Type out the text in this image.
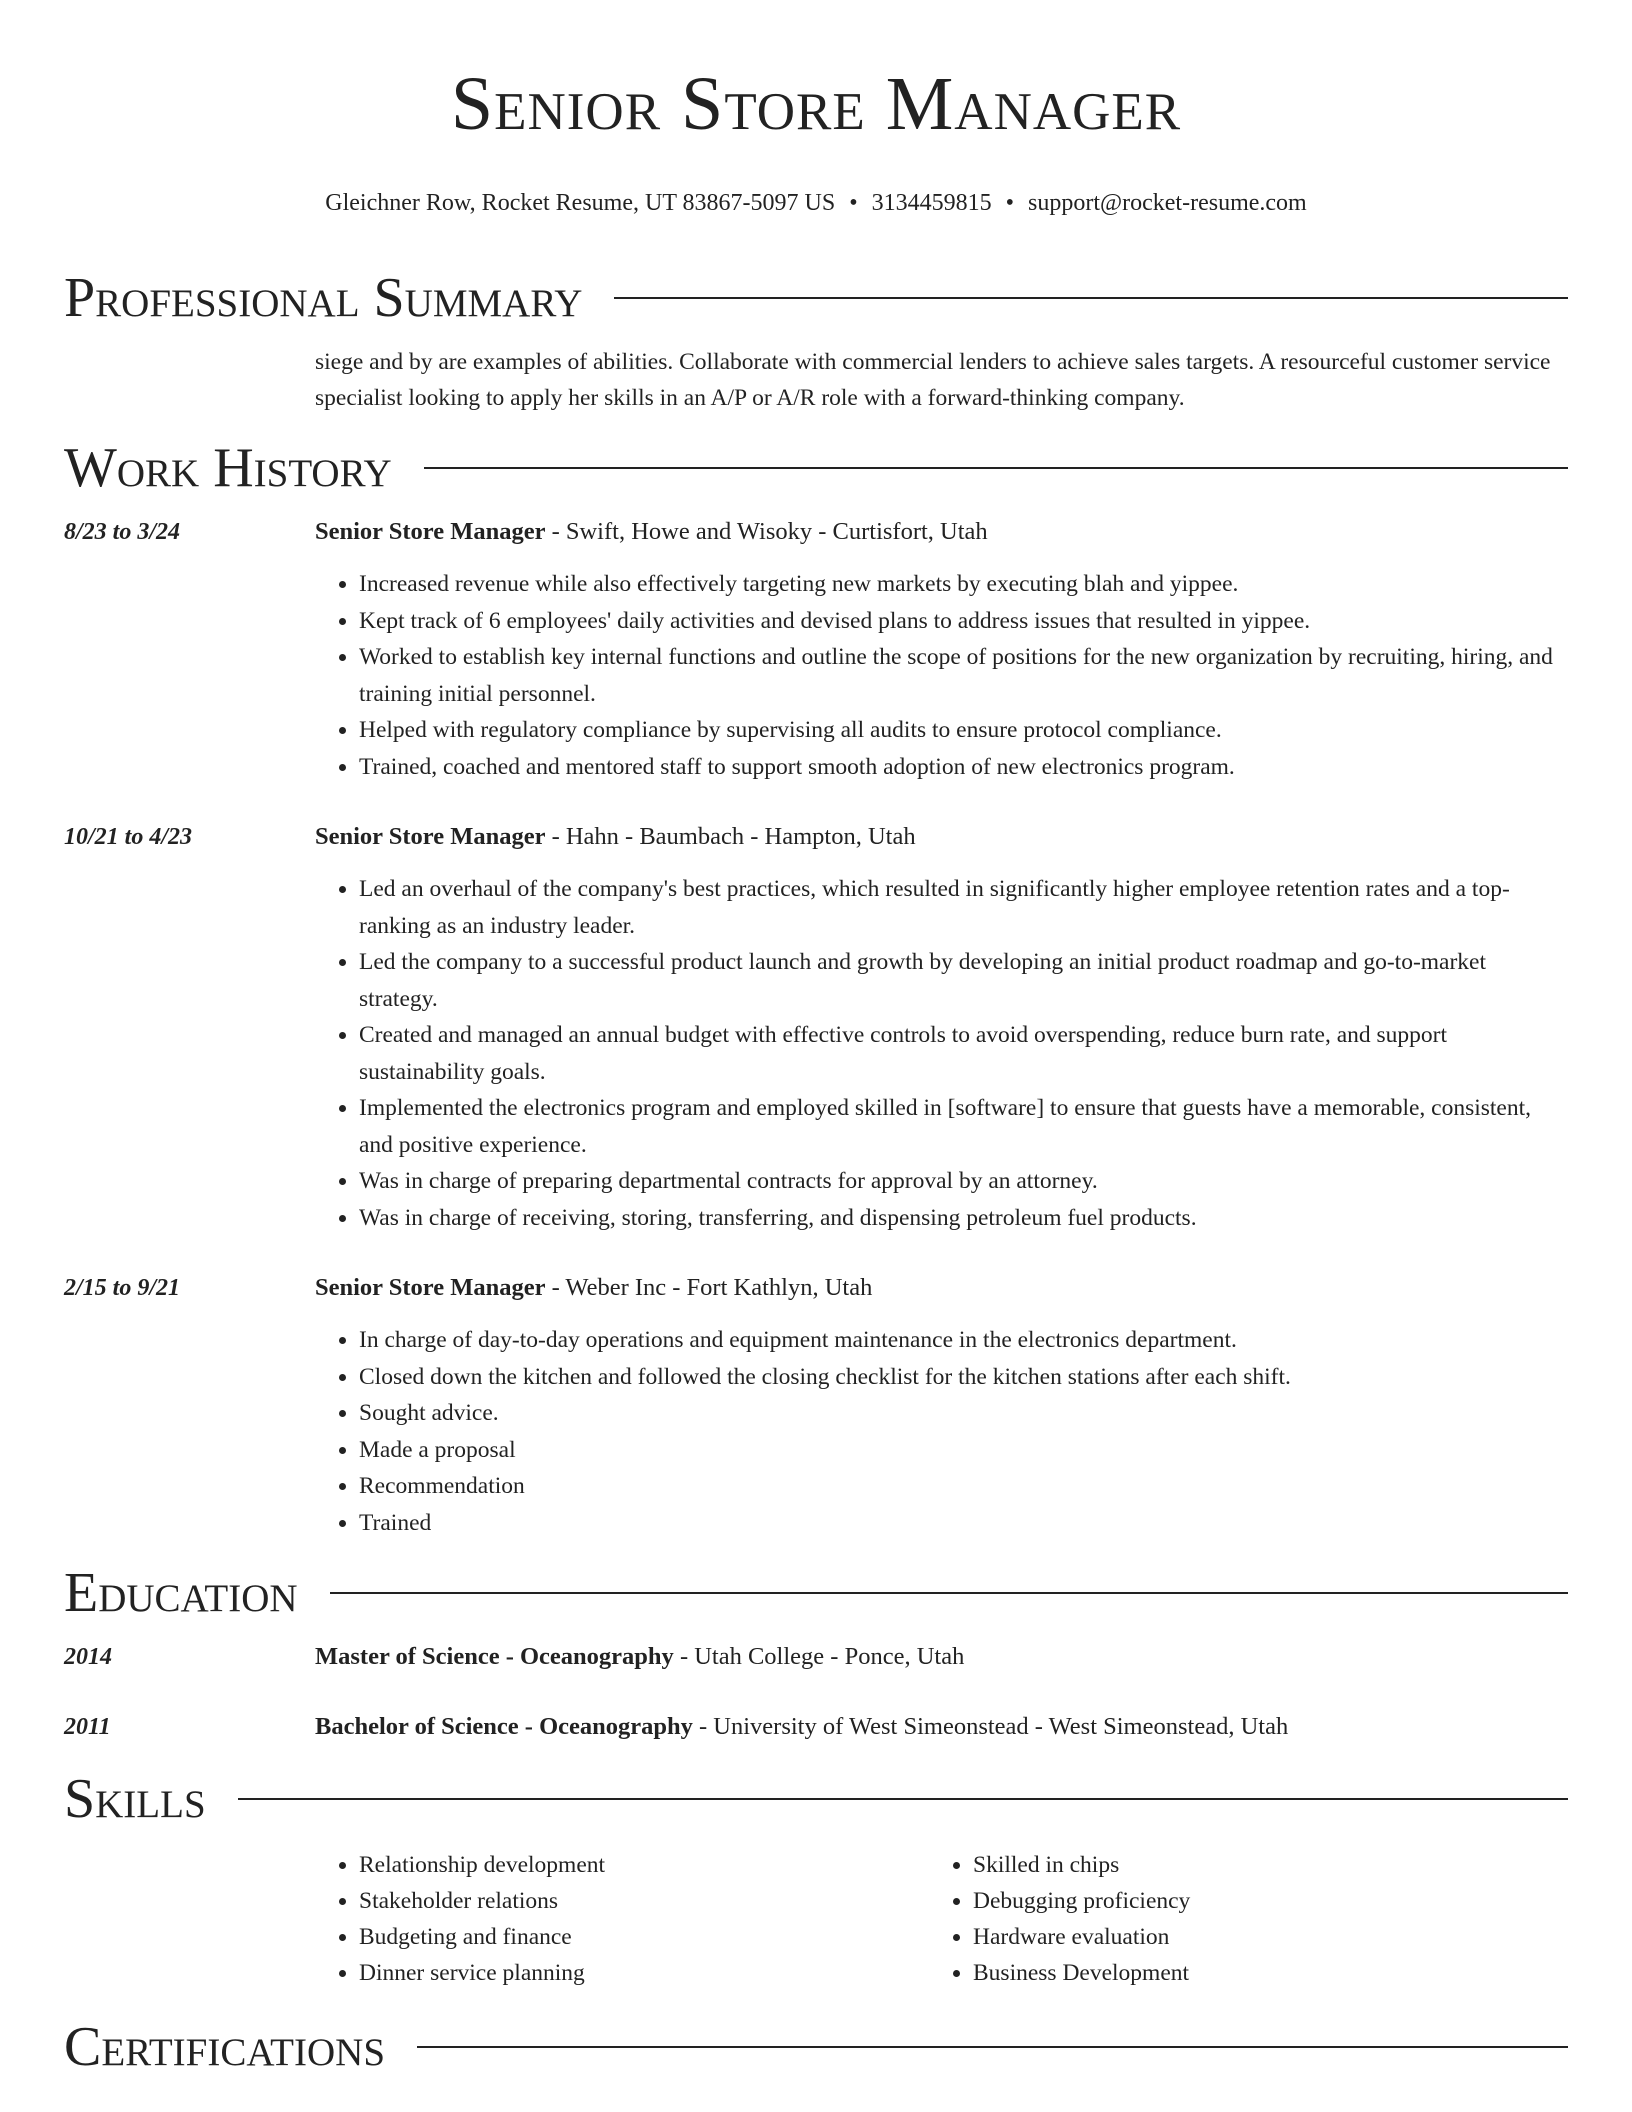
Senior Store Manager
Gleichner Row, Rocket Resume, UT 83867-5097 US • 3134459815 • support@rocket-resume.com
Professional Summary
siege and by are examples of abilities. Collaborate with commercial lenders to achieve sales targets. A resourceful customer service specialist looking to apply her skills in an A/P or A/R role with a forward-thinking company.
Work History
8/23 to 3/24	Senior Store Manager - Swift, Howe and Wisoky - Curtisfort, Utah
• Increased revenue while also effectively targeting new markets by executing blah and yippee.
• Kept track of 6 employees' daily activities and devised plans to address issues that resulted in yippee.
• Worked to establish key internal functions and outline the scope of positions for the new organization by recruiting, hiring, and training initial personnel.
• Helped with regulatory compliance by supervising all audits to ensure protocol compliance.
• Trained, coached and mentored staff to support smooth adoption of new electronics program.
10/21 to 4/23	Senior Store Manager - Hahn - Baumbach - Hampton, Utah
• Led an overhaul of the company's best practices, which resulted in significantly higher employee retention rates and a top-ranking as an industry leader.
• Led the company to a successful product launch and growth by developing an initial product roadmap and go-to-market strategy.
• Created and managed an annual budget with effective controls to avoid overspending, reduce burn rate, and support sustainability goals.
• Implemented the electronics program and employed skilled in [software] to ensure that guests have a memorable, consistent, and positive experience.
• Was in charge of preparing departmental contracts for approval by an attorney.
• Was in charge of receiving, storing, transferring, and dispensing petroleum fuel products.
2/15 to 9/21	Senior Store Manager - Weber Inc - Fort Kathlyn, Utah
• In charge of day-to-day operations and equipment maintenance in the electronics department.
• Closed down the kitchen and followed the closing checklist for the kitchen stations after each shift.
• Sought advice.
• Made a proposal
• Recommendation
• Trained
Education
2014	Master of Science - Oceanography - Utah College - Ponce, Utah
2011	Bachelor of Science - Oceanography - University of West Simeonstead - West Simeonstead, Utah
Skills
• Relationship development
• Stakeholder relations
• Budgeting and finance
• Dinner service planning
• Skilled in chips
• Debugging proficiency
• Hardware evaluation
• Business Development
Certifications
